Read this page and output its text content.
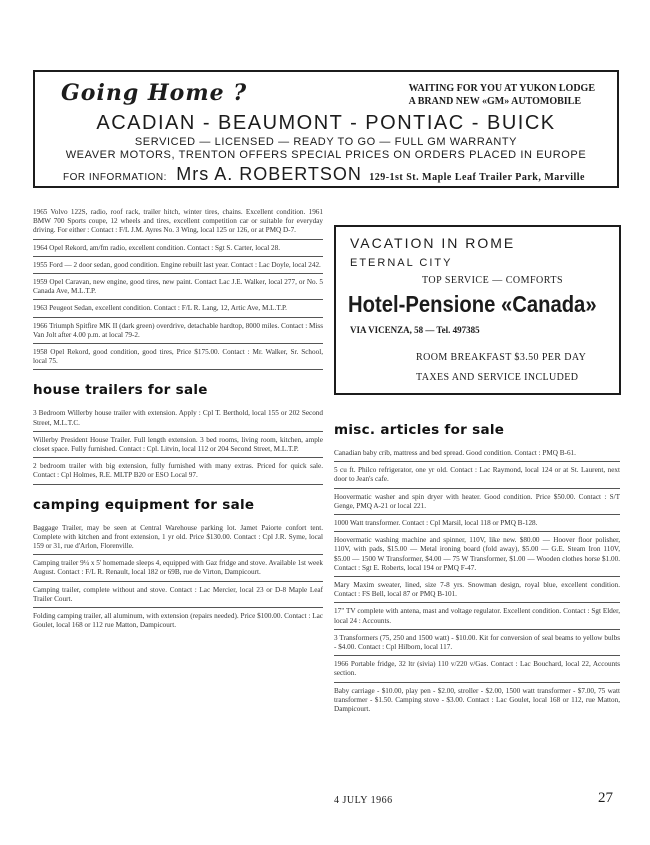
Going Home ?	WAITING FOR YOU AT YUKON LODGE
A BRAND NEW «GM» AUTOMOBILE
ACADIAN - BEAUMONT - PONTIAC - BUICK
SERVICED — LICENSED — READY TO GO — FULL GM WARRANTY
WEAVER MOTORS, TRENTON OFFERS SPECIAL PRICES ON ORDERS PLACED IN EUROPE
FOR INFORMATION: Mrs A. ROBERTSON 129-1st St. Maple Leaf Trailer Park, Marville
1965 Volvo 122S, radio, roof rack, trailer hitch, winter tires, chains. Excellent condition. 1961 BMW 700 Sports coupe, 12 wheels and tires, excellent competition car or suitable for everyday driving. For either : Contact : F/L J.M. Ayres No. 3 Wing, local 125 or 126, or at PMQ D-7.
1964 Opel Rekord, am/fm radio, excellent condition. Contact : Sgt S. Carter, local 28.
1955 Ford — 2 door sedan, good condition. Engine rebuilt last year. Contact : Lac Doyle, local 242.
1959 Opel Caravan, new engine, good tires, new paint. Contact Lac J.E. Walker, local 277, or No. 5 Canada Ave, M.L.T.P.
1963 Peugeot Sedan, excellent condition. Contact : F/L R. Lang, 12, Artic Ave, M.L.T.P.
1966 Triumph Spitfire MK II (dark green) overdrive, detachable hardtop, 8000 miles. Contact : Miss Van Jolt after 4.00 p.m. at local 79-2.
1958 Opel Rekord, good condition, good tires, Price $175.00. Contact : Mr. Walker, Sr. School, local 75.
house trailers for sale
3 Bedroom Willerby house trailer with extension. Apply : Cpl T. Berthold, local 155 or 202 Second Street, M.L.T.C.
Willerby President House Trailer. Full length extension. 3 bed rooms, living room, kitchen, ample closet space. Fully furnished. Contact : Cpl. Litvin, local 112 or 204 Second Street, M.L.T.P.
2 bedroom trailer with big extension, fully furnished with many extras. Priced for quick sale. Contact : Cpl Holmes, R.E. MLTP B20 or ESO Local 97.
camping equipment for sale
Baggage Trailer, may be seen at Central Warehouse parking lot. Jamet Paiorte confort tent. Complete with kitchen and front extension, 1 yr old. Price $130.00. Contact : Cpl J.R. Syme, local 159 or 31, rue d'Arlon, Florenville.
Camping trailer 9¼ x 5' homemade sleeps 4, equipped with Gaz fridge and stove. Available 1st week August. Contact : F/L R. Renault, local 182 or 69B, rue de Virton, Dampicourt.
Camping trailer, complete without and stove. Contact : Lac Mercier, local 23 or D-8 Maple Leaf Trailer Court.
Folding camping trailer, all aluminum, with extension (repairs needed). Price $100.00. Contact : Lac Goulet, local 168 or 112 rue Matton, Dampicourt.
VACATION IN ROME
ETERNAL CITY
TOP SERVICE — COMFORTS
Hotel-Pensione «Canada»
VIA VICENZA, 58 — Tel. 497385
ROOM BREAKFAST $3.50 PER DAY
TAXES AND SERVICE INCLUDED
misc. articles for sale
Canadian baby crib, mattress and bed spread. Good condition. Contact : PMQ B-61.
5 cu ft. Philco refrigerator, one yr old. Contact : Lac Raymond, local 124 or at St. Laurent, next door to Jean's cafe.
Hoovermatic washer and spin dryer with heater. Good condition. Price $50.00. Contact : S/T Genge, PMQ A-21 or local 221.
1000 Watt transformer. Contact : Cpl Marsil, local 118 or PMQ B-128.
Hoovermatic washing machine and spinner, 110V, like new. $80.00 — Hoover floor polisher, 110V, with pads, $15.00 — Metal ironing board (fold away), $5.00 — G.E. Steam Iron 110V, $5.00 — 1500 W Transformer, $4.00 — 75 W Transformer, $1.00 — Wooden clothes horse $1.00. Contact : Sgt E. Roberts, local 194 or PMQ F-47.
Mary Maxim sweater, lined, size 7-8 yrs. Snowman design, royal blue, excellent condition. Contact : FS Bell, local 87 or PMQ B-101.
17" TV complete with antena, mast and voltage regulator. Excellent condition. Contact : Sgt Elder, local 24 : Accounts.
3 Transformers (75, 250 and 1500 watt) - $10.00. Kit for conversion of seal beams to yellow bulbs - $4.00. Contact : Cpl Hilborn, local 117.
1966 Portable fridge, 32 ltr (sivia) 110 v/220 v/Gas. Contact : Lac Bouchard, local 22, Accounts section.
Baby carriage - $10.00, play pen - $2.00, stroller - $2.00, 1500 watt transformer - $7.00, 75 watt transformer - $1.50. Camping stove - $3.00. Contact : Lac Goulet, local 168 or 112, rue Matton, Dampicourt.
4 JULY 1966	27
